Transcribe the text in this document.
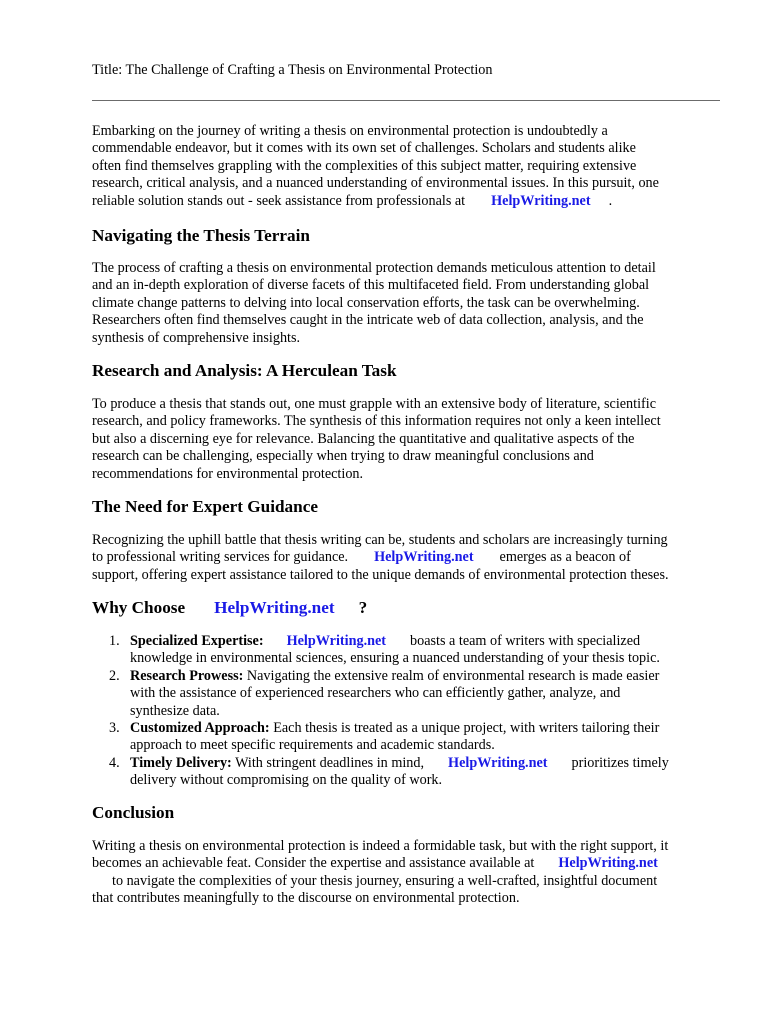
Title: The Challenge of Crafting a Thesis on Environmental Protection

Embarking on the journey of writing a thesis on environmental protection is undoubtedly a
commendable endeavor, but it comes with its own set of challenges. Scholars and students alike
often find themselves grappling with the complexities of this subject matter, requiring extensive
research, critical analysis, and a nuanced understanding of environmental issues. In this pursuit, one
reliable solution stands out - seek assistance from professionals at HelpWriting.net .

Navigating the Thesis Terrain

The process of crafting a thesis on environmental protection demands meticulous attention to detail
and an in-depth exploration of diverse facets of this multifaceted field. From understanding global
climate change patterns to delving into local conservation efforts, the task can be overwhelming.
Researchers often find themselves caught in the intricate web of data collection, analysis, and the
synthesis of comprehensive insights.

Research and Analysis: A Herculean Task

To produce a thesis that stands out, one must grapple with an extensive body of literature, scientific
research, and policy frameworks. The synthesis of this information requires not only a keen intellect
but also a discerning eye for relevance. Balancing the quantitative and qualitative aspects of the
research can be challenging, especially when trying to draw meaningful conclusions and
recommendations for environmental protection.

The Need for Expert Guidance

Recognizing the uphill battle that thesis writing can be, students and scholars are increasingly turning
to professional writing services for guidance. HelpWriting.net emerges as a beacon of
support, offering expert assistance tailored to the unique demands of environmental protection theses.

Why Choose HelpWriting.net ?
1. Specialized Expertise: HelpWriting.net boasts a team of writers with specialized
knowledge in environmental sciences, ensuring a nuanced understanding of your thesis topic.
2. Research Prowess: Navigating the extensive realm of environmental research is made easier
with the assistance of experienced researchers who can efficiently gather, analyze, and
synthesize data.
3. Customized Approach: Each thesis is treated as a unique project, with writers tailoring their
approach to meet specific requirements and academic standards.
4. Timely Delivery: With stringent deadlines in mind, HelpWriting.net prioritizes timely
delivery without compromising on the quality of work.
Conclusion

Writing a thesis on environmental protection is indeed a formidable task, but with the right support, it
becomes an achievable feat. Consider the expertise and assistance available at HelpWriting.net
to navigate the complexities of your thesis journey, ensuring a well-crafted, insightful document
that contributes meaningfully to the discourse on environmental protection.
